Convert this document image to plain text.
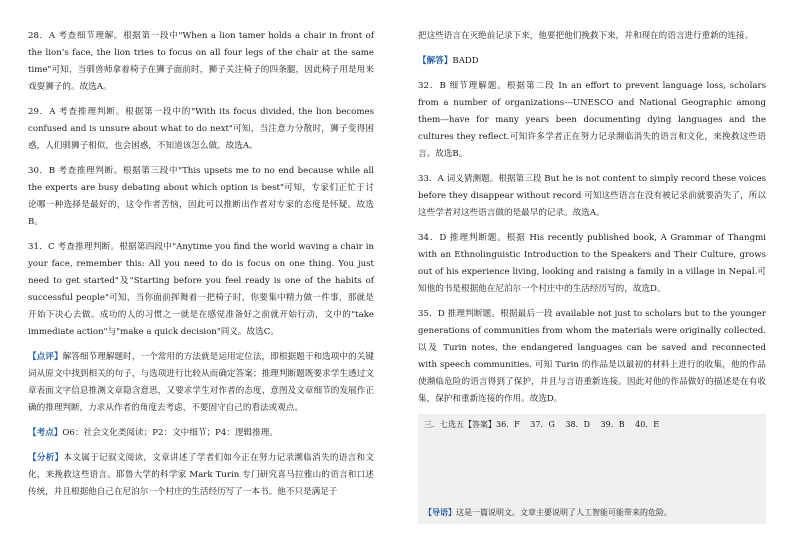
28．A 考查细节理解。根据第一段中"When a lion tamer holds a chair in front of the lion’s face, the lion tries to focus on all four legs of the chair at the same time"可知，当驯兽师拿着椅子在狮子面前时，狮子关注椅子的四条腿，因此椅子用是用来戏耍狮子的。故选A。

29．A 考查推理判断。根据第一段中的"With its focus divided, the lion becomes confused and is unsure about what to do next"可知，当注意力分散时，狮子变得困惑，人们驯狮子相似，也会困惑，不知道该怎么做。故选A。

30．B 考查推理判断。根据第三段中"This upsets me to no end because while all the experts are busy debating about which option is best"可知，专家们正忙于讨论哪一种选择是最好的，这令作者苦恼，因此可以推断出作者对专家的态度是怀疑。故选B。

31．C 考查推理判断。根据第四段中"Anytime you find the world waving a chair in your face, remember this: All you need to do is focus on one thing. You just need to get started"及"Starting before you feel ready is one of the habits of successful people"可知，当你面前挥舞着一把椅子时，你要集中精力做一件事，那就是开始下决心去做。成功的人的习惯之一就是在感觉准备好之前就开始行动，文中的"take immediate action"与"make a quick decision"同义。故选C。

【点评】解答细节理解题时，一个常用的方法就是运用定位法，即根据题干和选项中的关键词从原文中找到相关的句子，与选项进行比较从而确定答案；推理判断题既要求学生透过文章表面文字信息推测文章隐含意思，又要求学生对作者的态度、意图及文章细节的发展作正确的推理判断，力求从作者的角度去考虑，不要固守自己的看法或观点。

【考点】O6：社会文化类阅读；P2：文中细节；P4：逻辑推理。

【分析】本文属于记叙文阅读，文章讲述了学者们如今正在努力记录濒临消失的语言和文化，来挽救这些语言。耶鲁大学的科学家 Mark Turin 专门研究喜马拉雅山的语言和口述传统，并且根据他自己在尼泊尔一个村庄的生活经历写了一本书。他不只是满足于

把这些语言在灭绝前记录下来，他要把他们挽救下来，并和现在的语言进行重新的连接。

【解答】BADD

32．B 细节理解题。根据第二段 In an effort to prevent language loss, scholars from a number of organizations---UNESCO and National Geographic among them---have for many years been documenting dying languages and the cultures they reflect.可知许多学者正在努力记录濒临消失的语言和文化，来挽救这些语言。故选B。

33．A 词义猜测题。根据第三段 But he is not content to simply record these voices before they disappear without record 可知这些语言在没有被记录前就要消失了，所以这些学者对这些语言做的是最早的记录。故选A。

34．D 推理判断题。根据 His recently published book, A Grammar of Thangmi with an Ethnolinguistic Introduction to the Speakers and Their Culture, grows out of his experience living, looking and raising a family in a village in Nepal.可知他的书是根据他在尼泊尔一个村庄中的生活经历写的，故选D。

35．D 推理判断题。根据最后一段 available not just to scholars but to the younger generations of communities from whom the materials were originally collected. 以及 Turin notes, the endangered languages can be saved and reconnected with speech communities. 可知 Turin 的作品是以最初的材料上进行的收集，他的作品使濒临危险的语言得到了保护，并且与言语重新连接。因此对他的作品做好的描述是在有收集，保护和重新连接的作用。故选D。

三．七选五【答案】36．F　 37．G　 38．D　 39．B　 40．E
【导语】这是一篇说明文。文章主要说明了人工智能可能带来的危险。
